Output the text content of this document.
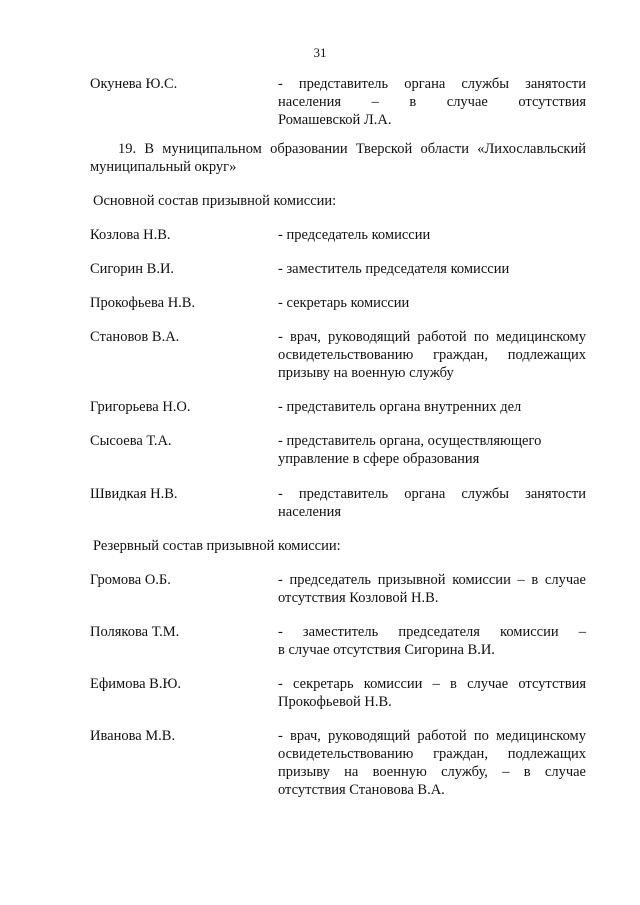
31
Окунева Ю.С.	- представитель органа службы занятости
населения – в случае отсутствия
Ромашевской Л.А.
19. В муниципальном образовании Тверской области «Лихославльский
муниципальный округ»
Основной состав призывной комиссии:
Козлова Н.В.	- председатель комиссии
Сигорин В.И.	- заместитель председателя комиссии
Прокофьева Н.В.	- секретарь комиссии
Становов В.А.	- врач, руководящий работой по медицинскому
освидетельствованию граждан, подлежащих
призыву на военную службу
Григорьева Н.О.	- представитель органа внутренних дел
Сысоева Т.А.	- представитель органа, осуществляющего
управление в сфере образования
Швидкая Н.В.	- представитель органа службы занятости
населения
Резервный состав призывной комиссии:
Громова О.Б.	- председатель призывной комиссии – в случае
отсутствия Козловой Н.В.
Полякова Т.М.	- заместитель председателя комиссии –
в случае отсутствия Сигорина В.И.
Ефимова В.Ю.	- секретарь комиссии – в случае отсутствия
Прокофьевой Н.В.
Иванова М.В.	- врач, руководящий работой по медицинскому
освидетельствованию граждан, подлежащих
призыву на военную службу, – в случае
отсутствия Становова В.А.
